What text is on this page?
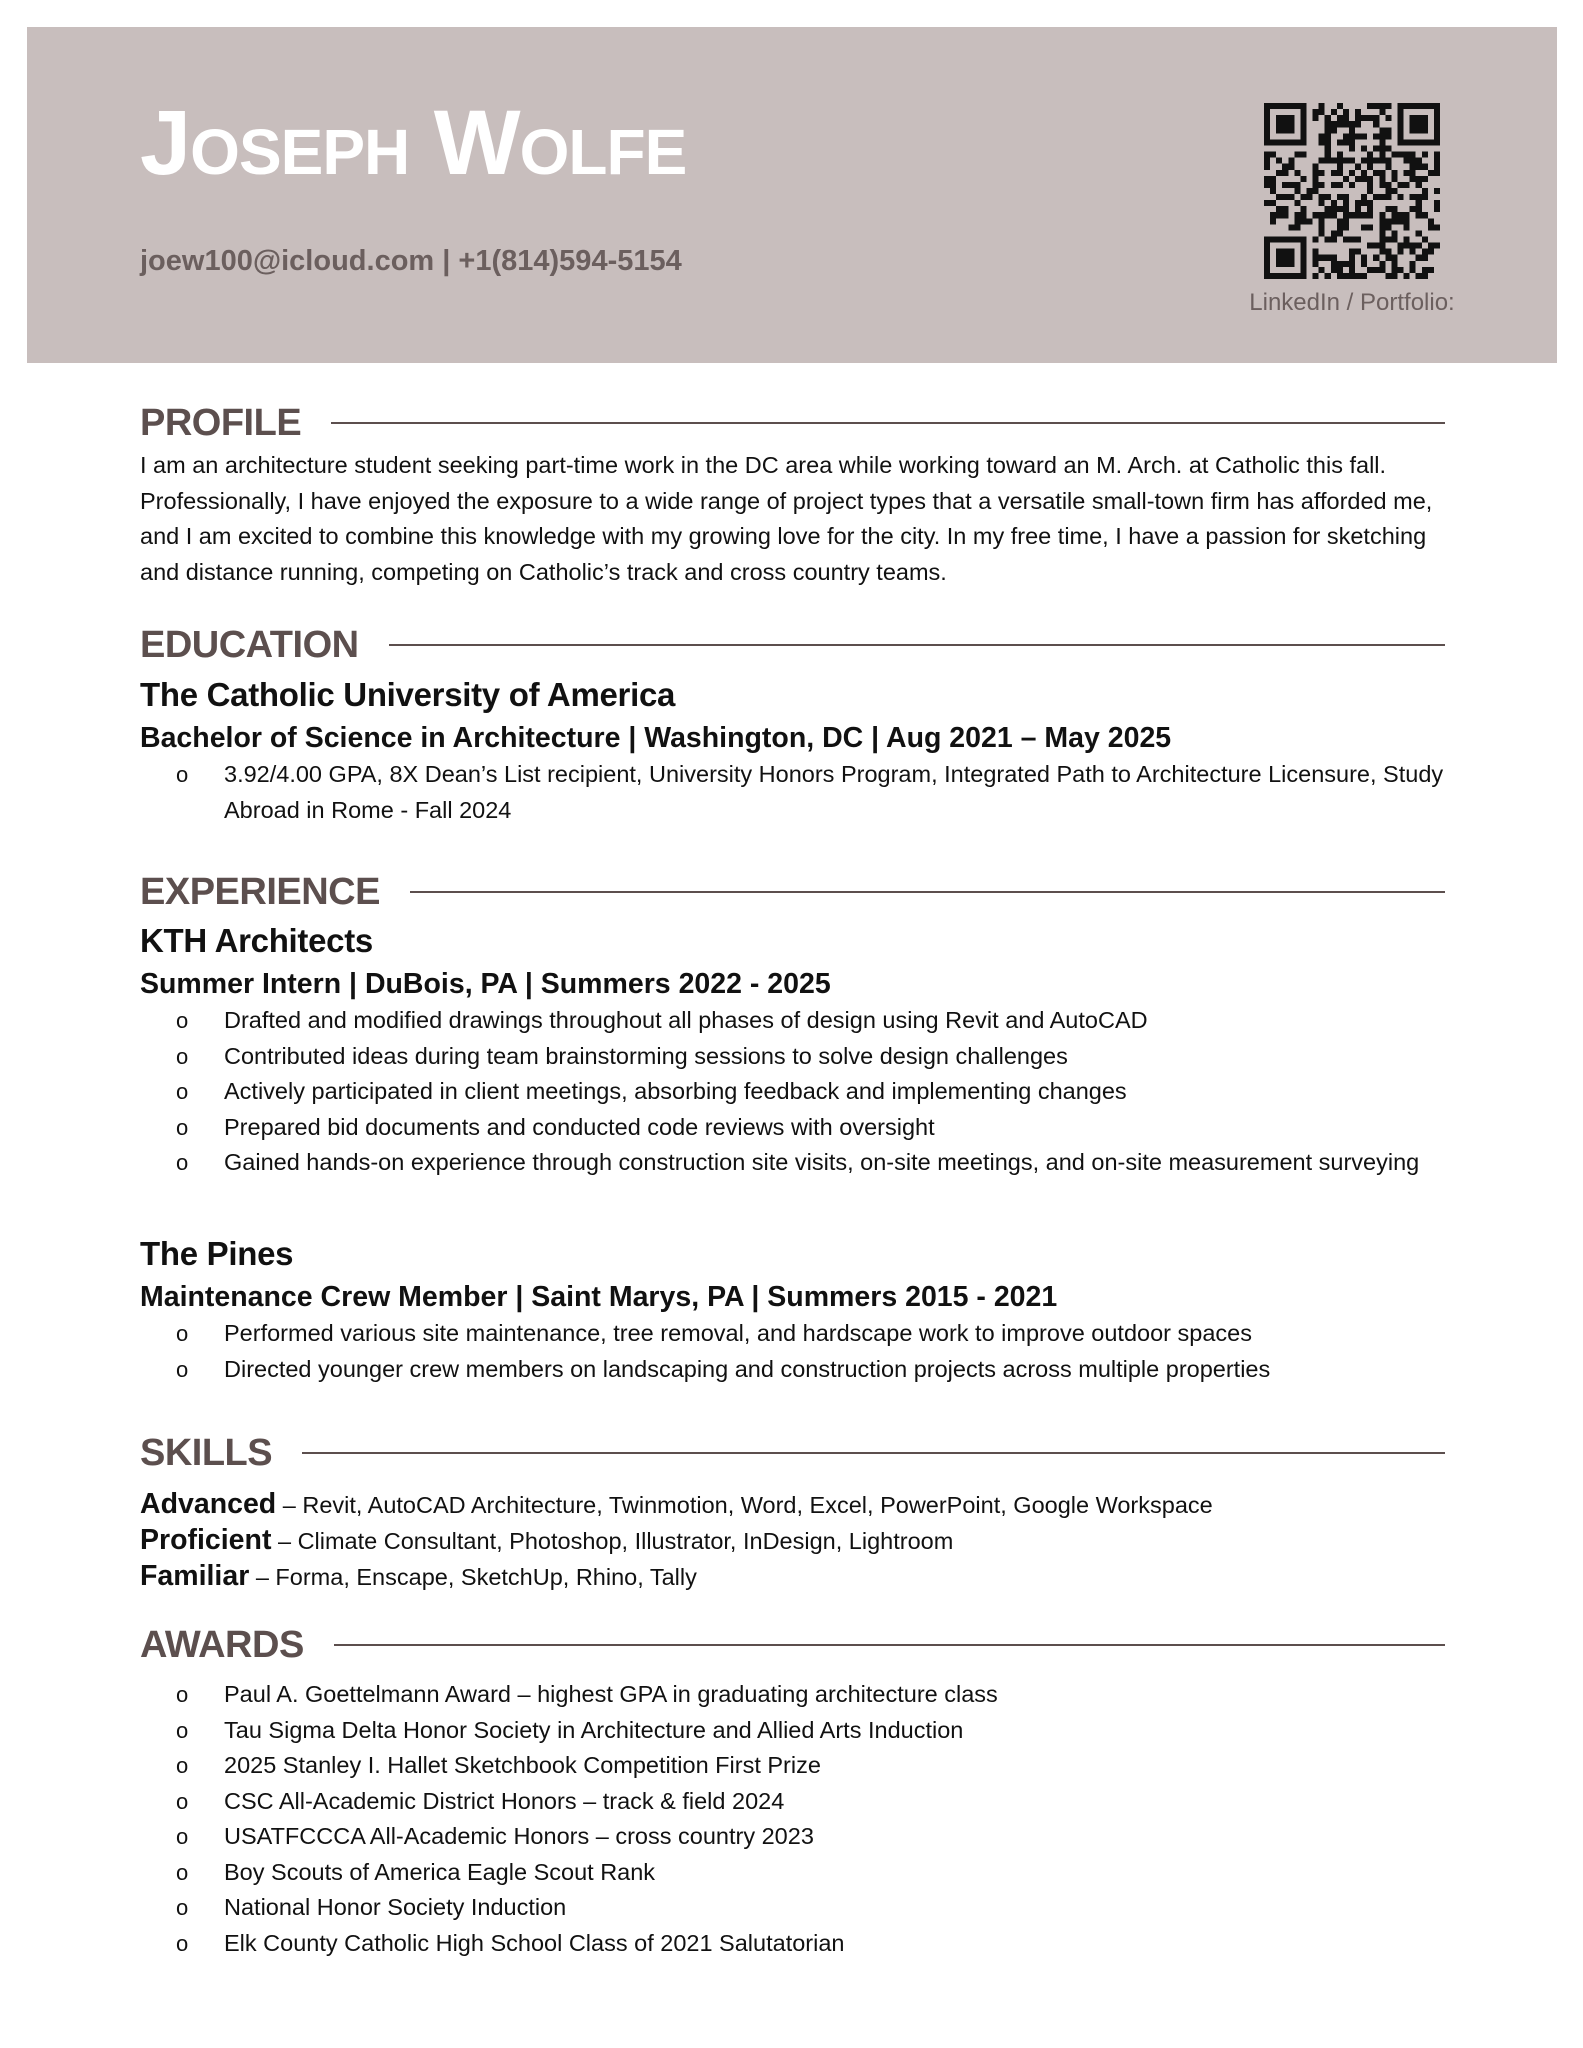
Joseph Wolfe
joew100@icloud.com | +1(814)594-5154
LinkedIn / Portfolio:
PROFILE

I am an architecture student seeking part-time work in the DC area while working toward an M. Arch. at Catholic this fall. Professionally, I have enjoyed the exposure to a wide range of project types that a versatile small-town firm has afforded me, and I am excited to combine this knowledge with my growing love for the city. In my free time, I have a passion for sketching and distance running, competing on Catholic’s track and cross country teams.

EDUCATION

The Catholic University of America

Bachelor of Science in Architecture | Washington, DC | Aug 2021 – May 2025

o 3.92/4.00 GPA, 8X Dean’s List recipient, University Honors Program, Integrated Path to Architecture Licensure, Study Abroad in Rome - Fall 2024
EXPERIENCE

KTH Architects

Summer Intern | DuBois, PA | Summers 2022 - 2025

o Drafted and modified drawings throughout all phases of design using Revit and AutoCAD
o Contributed ideas during team brainstorming sessions to solve design challenges
o Actively participated in client meetings, absorbing feedback and implementing changes
o Prepared bid documents and conducted code reviews with oversight
o Gained hands-on experience through construction site visits, on-site meetings, and on-site measurement surveying

The Pines

Maintenance Crew Member | Saint Marys, PA | Summers 2015 - 2021

o Performed various site maintenance, tree removal, and hardscape work to improve outdoor spaces
o Directed younger crew members on landscaping and construction projects across multiple properties
SKILLS
Advanced – Revit, AutoCAD Architecture, Twinmotion, Word, Excel, PowerPoint, Google Workspace
Proficient – Climate Consultant, Photoshop, Illustrator, InDesign, Lightroom
Familiar – Forma, Enscape, SketchUp, Rhino, Tally
AWARDS
o Paul A. Goettelmann Award – highest GPA in graduating architecture class
o Tau Sigma Delta Honor Society in Architecture and Allied Arts Induction
o 2025 Stanley I. Hallet Sketchbook Competition First Prize
o CSC All-Academic District Honors – track & field 2024
o USATFCCCA All-Academic Honors – cross country 2023
o Boy Scouts of America Eagle Scout Rank
o National Honor Society Induction
o Elk County Catholic High School Class of 2021 Salutatorian
